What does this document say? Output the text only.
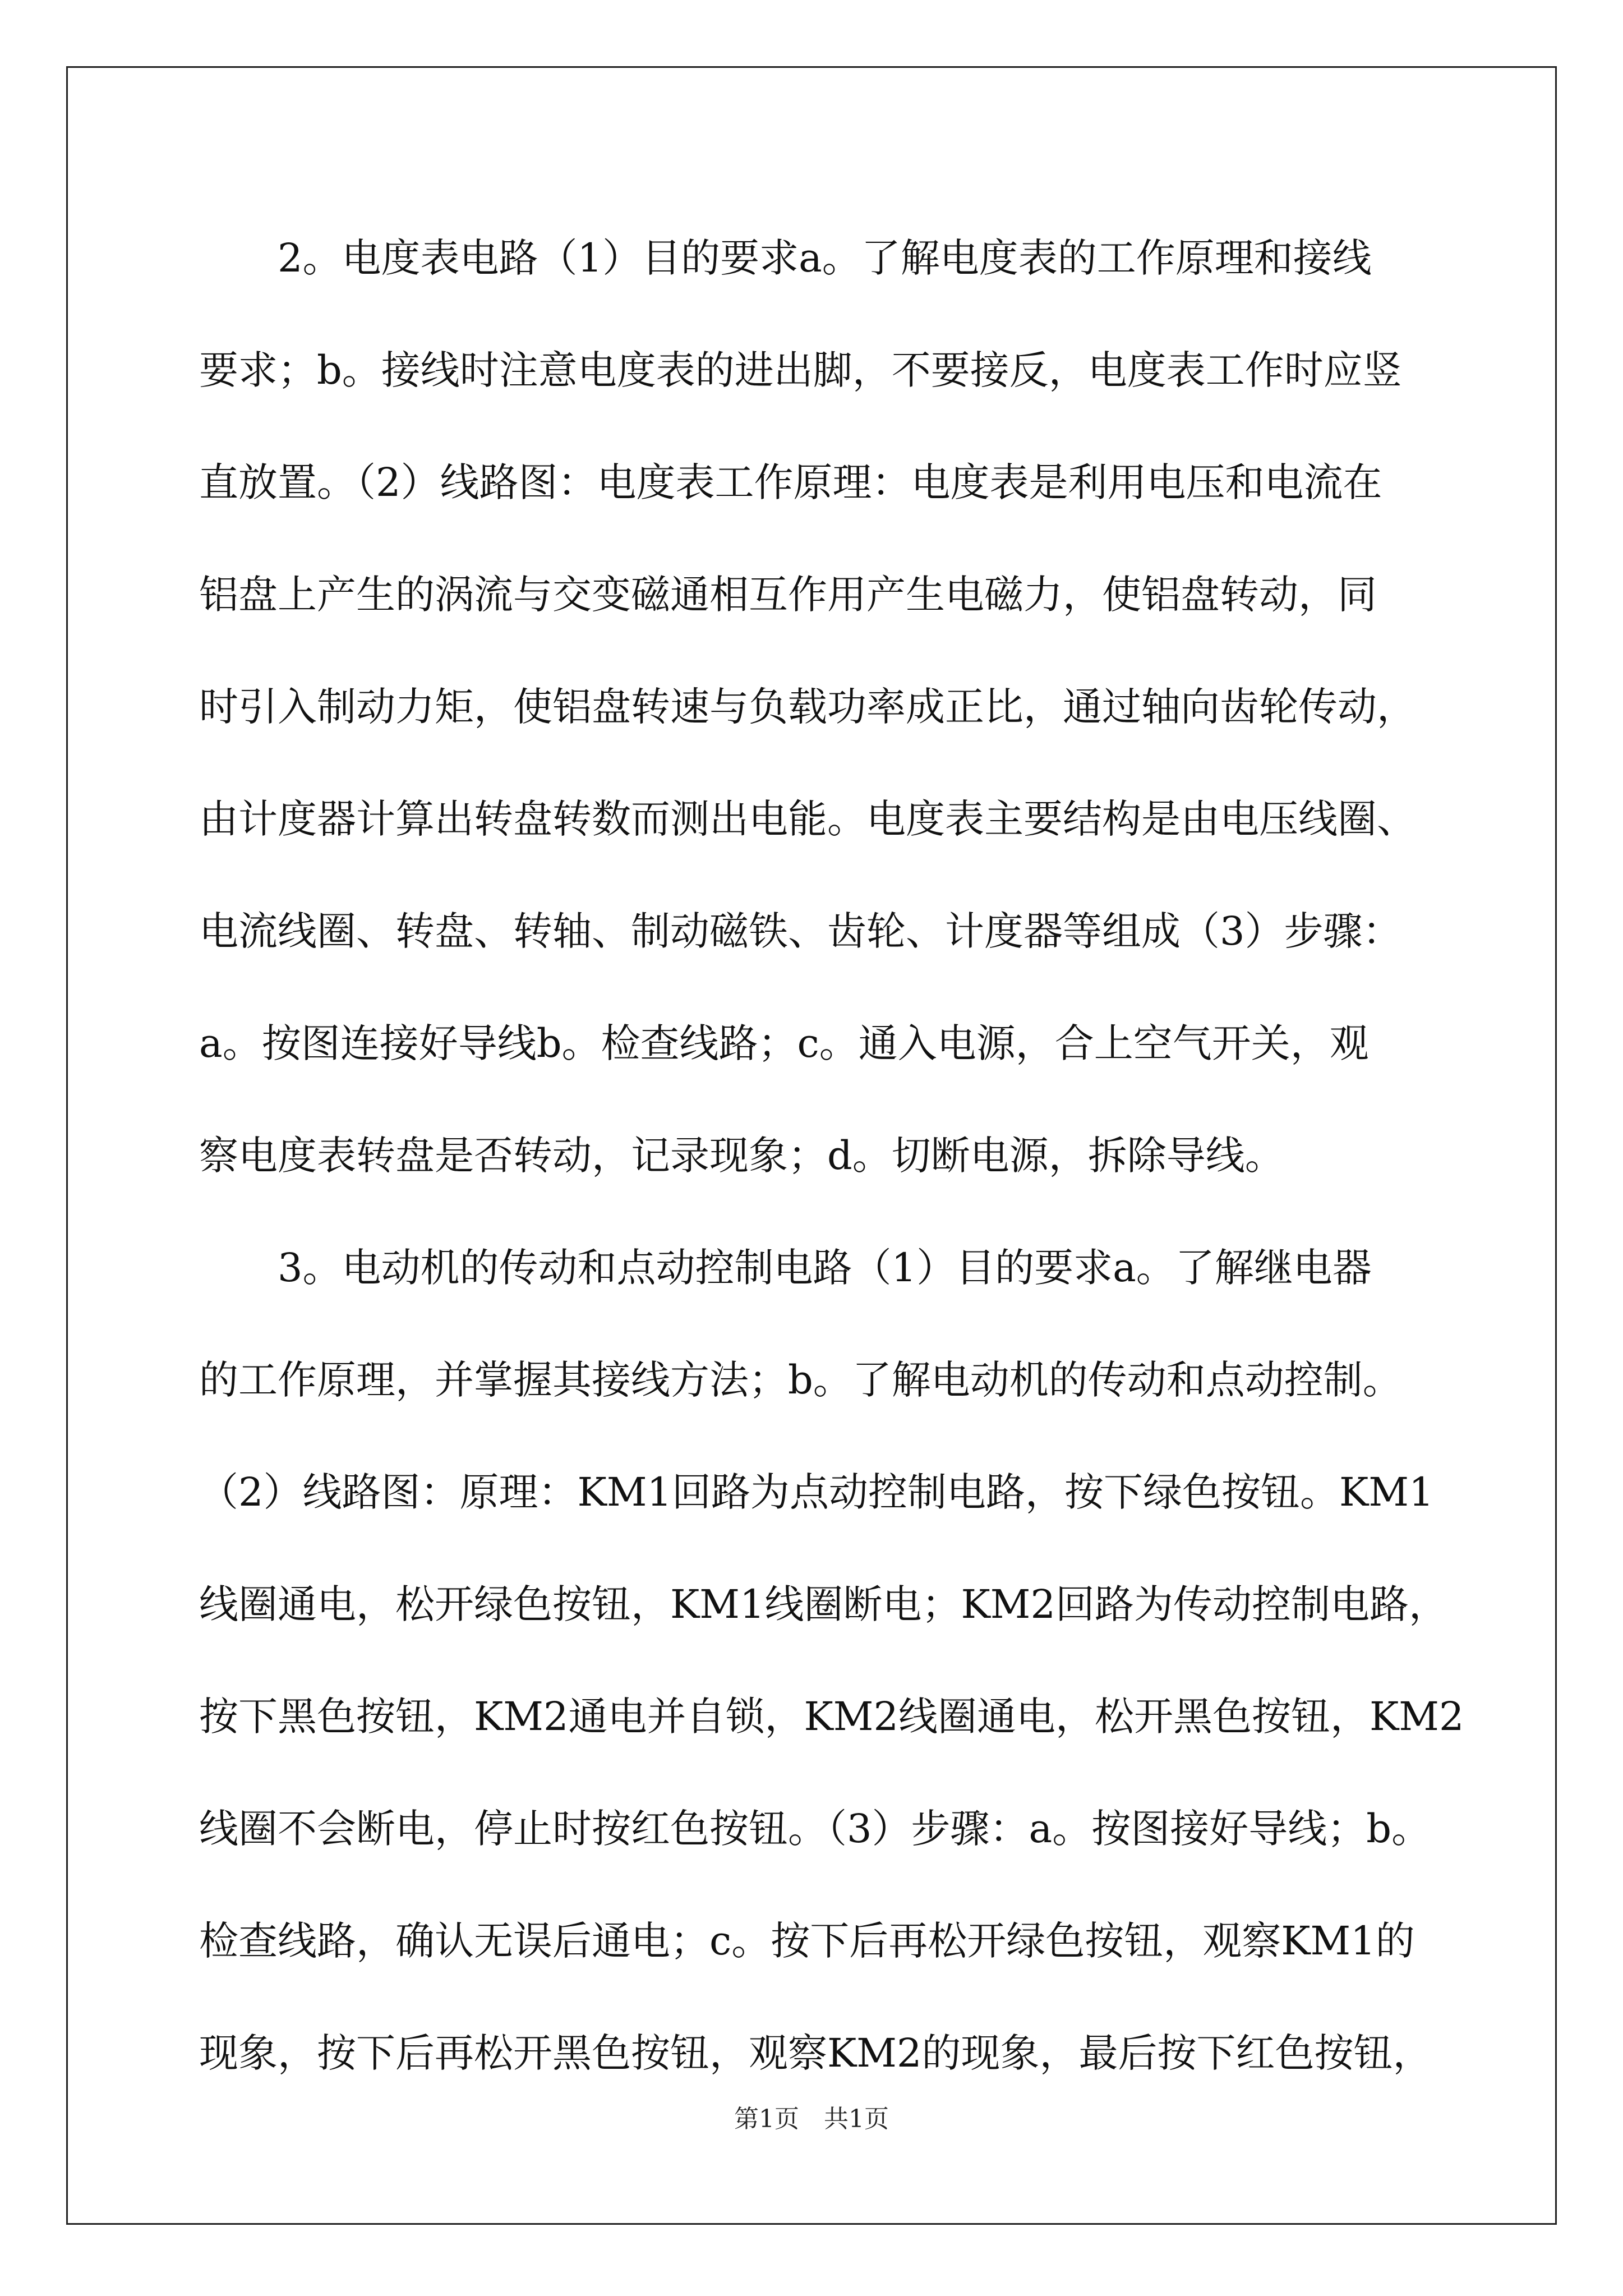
2。电度表电路（1）目的要求a。了解电度表的工作原理和接线
要求；b。接线时注意电度表的进出脚，不要接反，电度表工作时应竖
直放置。（2）线路图：电度表工作原理：电度表是利用电压和电流在
铝盘上产生的涡流与交变磁通相互作用产生电磁力，使铝盘转动，同
时引入制动力矩，使铝盘转速与负载功率成正比，通过轴向齿轮传动，
由计度器计算出转盘转数而测出电能。电度表主要结构是由电压线圈、
电流线圈、转盘、转轴、制动磁铁、齿轮、计度器等组成（3）步骤：
a。按图连接好导线b。检查线路；c。通入电源，合上空气开关，观
察电度表转盘是否转动，记录现象；d。切断电源，拆除导线。
3。电动机的传动和点动控制电路（1）目的要求a。了解继电器
的工作原理，并掌握其接线方法；b。了解电动机的传动和点动控制。
（2）线路图：原理：KM1回路为点动控制电路，按下绿色按钮。KM1
线圈通电，松开绿色按钮，KM1线圈断电；KM2回路为传动控制电路，
按下黑色按钮，KM2通电并自锁，KM2线圈通电，松开黑色按钮，KM2
线圈不会断电，停止时按红色按钮。（3）步骤：a。按图接好导线；b。
检查线路，确认无误后通电；c。按下后再松开绿色按钮，观察KM1的
现象，按下后再松开黑色按钮，观察KM2的现象，最后按下红色按钮，
第1页　共1页
